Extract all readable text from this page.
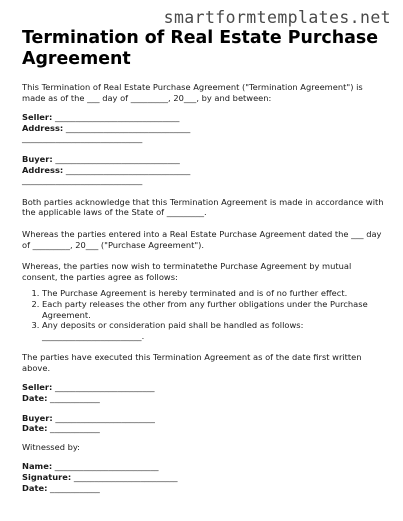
smartformtemplates.net
Termination of Real Estate Purchase Agreement

This Termination of Real Estate Purchase Agreement ("Termination Agreement") is made as of the ___ day of _________, 20___, by and between:

Seller: ______________________________
Address: ______________________________
_____________________________
Buyer: ______________________________
Address: ______________________________
_____________________________

Both parties acknowledge that this Termination Agreement is made in accordance with the applicable laws of the State of _________.

Whereas the parties entered into a Real Estate Purchase Agreement dated the ___ day of _________, 20___ ("Purchase Agreement").

Whereas, the parties now wish to terminatethe Purchase Agreement by mutual consent, the parties agree as follows:

1. The Purchase Agreement is hereby terminated and is of no further effect.
2. Each party releases the other from any further obligations under the Purchase Agreement.
3. Any deposits or consideration paid shall be handled as follows: ________________________.

The parties have executed this Termination Agreement as of the date first written above.

Seller: ________________________
Date: ____________
Buyer: ________________________
Date: ____________

Witnessed by:

Name: _________________________
Signature: _________________________
Date: ____________
